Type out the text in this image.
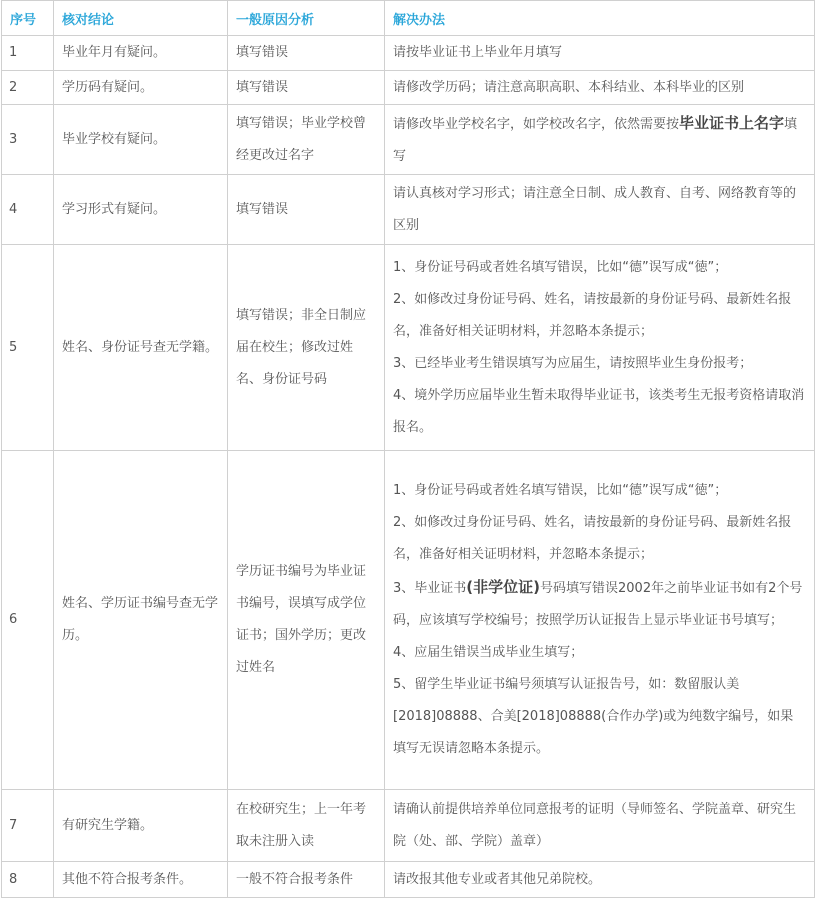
序号	核对结论	一般原因分析	解决办法
1	毕业年月有疑问。	填写错误	请按毕业证书上毕业年月填写
2	学历码有疑问。	填写错误	请修改学历码；请注意高职高职、本科结业、本科毕业的区别
3	毕业学校有疑问。	填写错误；毕业学校曾经更改过名字	请修改毕业学校名字，如学校改名字，依然需要按毕业证书上名字填写
4	学习形式有疑问。	填写错误	请认真核对学习形式；请注意全日制、成人教育、自考、网络教育等的区别
5	姓名、身份证号查无学籍。	填写错误；非全日制应届在校生；修改过姓名、身份证号码	1、身份证号码或者姓名填写错误，比如“德”误写成“徳”；
2、如修改过身份证号码、姓名，请按最新的身份证号码、最新姓名报名，准备好相关证明材料，并忽略本条提示；
3、已经毕业考生错误填写为应届生，请按照毕业生身份报考；
4、境外学历应届毕业生暂未取得毕业证书，该类考生无报考资格请取消报名。

6	姓名、学历证书编号查无学历。	学历证书编号为毕业证书编号，误填写成学位证书；国外学历；更改过姓名	1、身份证号码或者姓名填写错误，比如“德”误写成“徳”；
2、如修改过身份证号码、姓名，请按最新的身份证号码、最新姓名报名，准备好相关证明材料，并忽略本条提示；
3、毕业证书(非学位证)号码填写错误2002年之前毕业证书如有2个号码，应该填写学校编号；按照学历认证报告上显示毕业证书号填写；
4、应届生错误当成毕业生填写；
5、留学生毕业证书编号须填写认证报告号，如：数留服认美[2018]08888、合美[2018]08888(合作办学)或为纯数字编号，如果填写无误请忽略本条提示。

7	有研究生学籍。	在校研究生；上一年考取未注册入读	请确认前提供培养单位同意报考的证明（导师签名、学院盖章、研究生院（处、部、学院）盖章）
8	其他不符合报考条件。	一般不符合报考条件	请改报其他专业或者其他兄弟院校。
